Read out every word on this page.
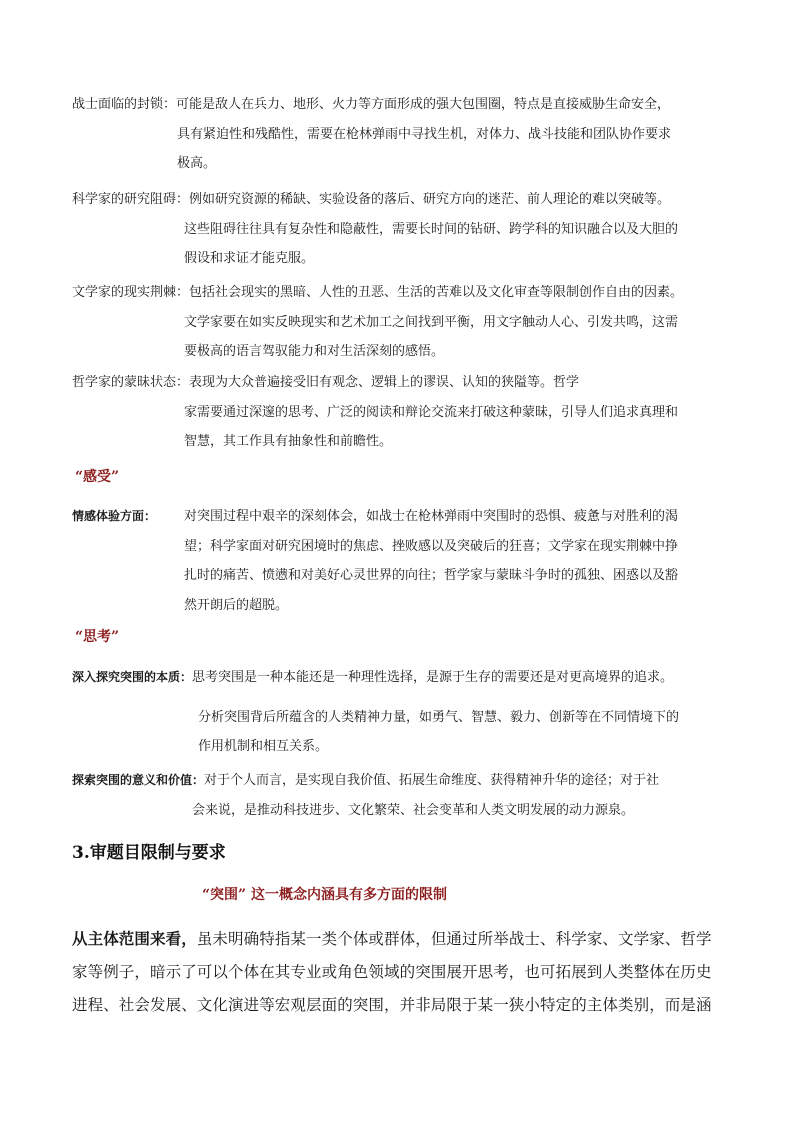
战士面临的封锁：可能是敌人在兵力、地形、火力等方面形成的强大包围圈，特点是直接威胁生命安全，
具有紧迫性和残酷性，需要在枪林弹雨中寻找生机，对体力、战斗技能和团队协作要求
极高。
科学家的研究阻碍：例如研究资源的稀缺、实验设备的落后、研究方向的迷茫、前人理论的难以突破等。
这些阻碍往往具有复杂性和隐蔽性，需要长时间的钻研、跨学科的知识融合以及大胆的
假设和求证才能克服。
文学家的现实荆棘：包括社会现实的黑暗、人性的丑恶、生活的苦难以及文化审查等限制创作自由的因素。
文学家要在如实反映现实和艺术加工之间找到平衡，用文字触动人心、引发共鸣，这需
要极高的语言驾驭能力和对生活深刻的感悟。
哲学家的蒙昧状态：表现为大众普遍接受旧有观念、逻辑上的谬误、认知的狭隘等。哲学
家需要通过深邃的思考、广泛的阅读和辩论交流来打破这种蒙昧，引导人们追求真理和
智慧，其工作具有抽象性和前瞻性。
“感受”
情感体验方面： 对突围过程中艰辛的深刻体会，如战士在枪林弹雨中突围时的恐惧、疲惫与对胜利的渴
望；科学家面对研究困境时的焦虑、挫败感以及突破后的狂喜；文学家在现实荆棘中挣
扎时的痛苦、愤懑和对美好心灵世界的向往；哲学家与蒙昧斗争时的孤独、困惑以及豁
然开朗后的超脱。
“思考”
深入探究突围的本质：思考突围是一种本能还是一种理性选择，是源于生存的需要还是对更高境界的追求。
分析突围背后所蕴含的人类精神力量，如勇气、智慧、毅力、创新等在不同情境下的
作用机制和相互关系。
探索突围的意义和价值：对于个人而言，是实现自我价值、拓展生命维度、获得精神升华的途径；对于社
会来说，是推动科技进步、文化繁荣、社会变革和人类文明发展的动力源泉。
3.审题目限制与要求
“突围” 这一概念内涵具有多方面的限制
从主体范围来看，虽未明确特指某一类个体或群体，但通过所举战士、科学家、文学家、哲学
家等例子，暗示了可以个体在其专业或角色领域的突围展开思考，也可拓展到人类整体在历史
进程、社会发展、文化演进等宏观层面的突围，并非局限于某一狭小特定的主体类别，而是涵
